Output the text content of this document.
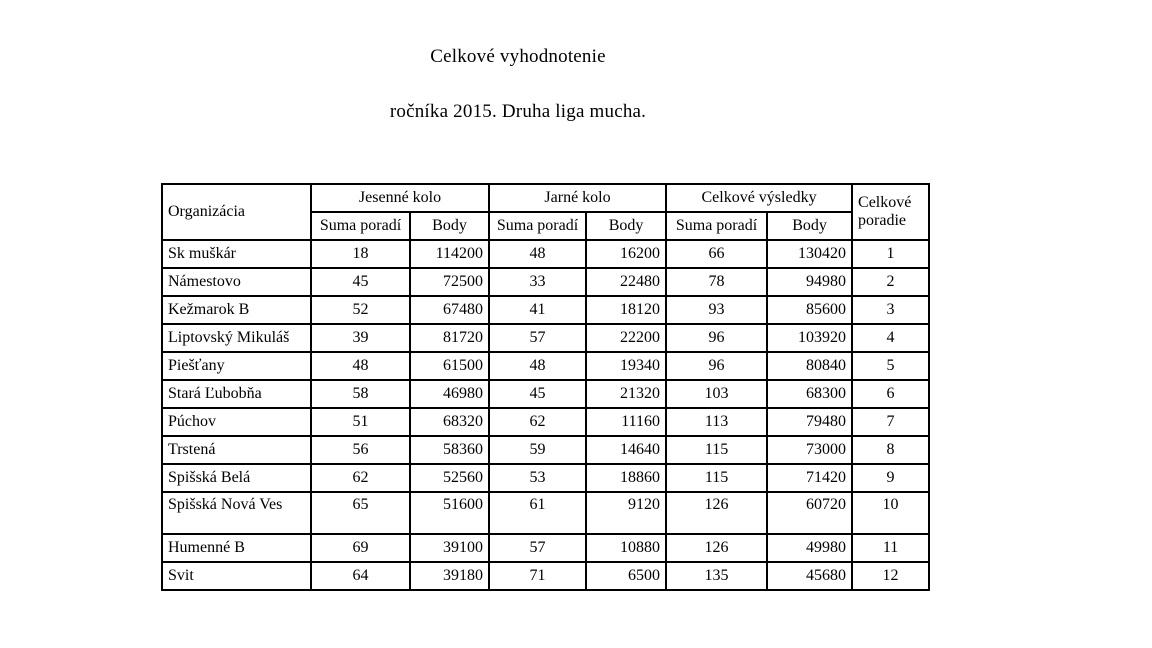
Celkové vyhodnotenie
ročníka 2015. Druha liga mucha.
Organizácia	Jesenné kolo		Jarné kolo		Celkové výsledky		Celkové poradie
	Suma poradí	Body	Suma poradí	Body	Suma poradí	Body	
Sk muškár	18	114200	48	16200	66	130420	1
Námestovo	45	72500	33	22480	78	94980	2
Kežmarok B	52	67480	41	18120	93	85600	3
Liptovský Mikuláš	39	81720	57	22200	96	103920	4
Piešťany	48	61500	48	19340	96	80840	5
Stará Ľubobňa	58	46980	45	21320	103	68300	6
Púchov	51	68320	62	11160	113	79480	7
Trstená	56	58360	59	14640	115	73000	8
Spišská Belá	62	52560	53	18860	115	71420	9
Spišská Nová Ves	65	51600	61	9120	126	60720	10
Humenné B	69	39100	57	10880	126	49980	11
Svit	64	39180	71	6500	135	45680	12
